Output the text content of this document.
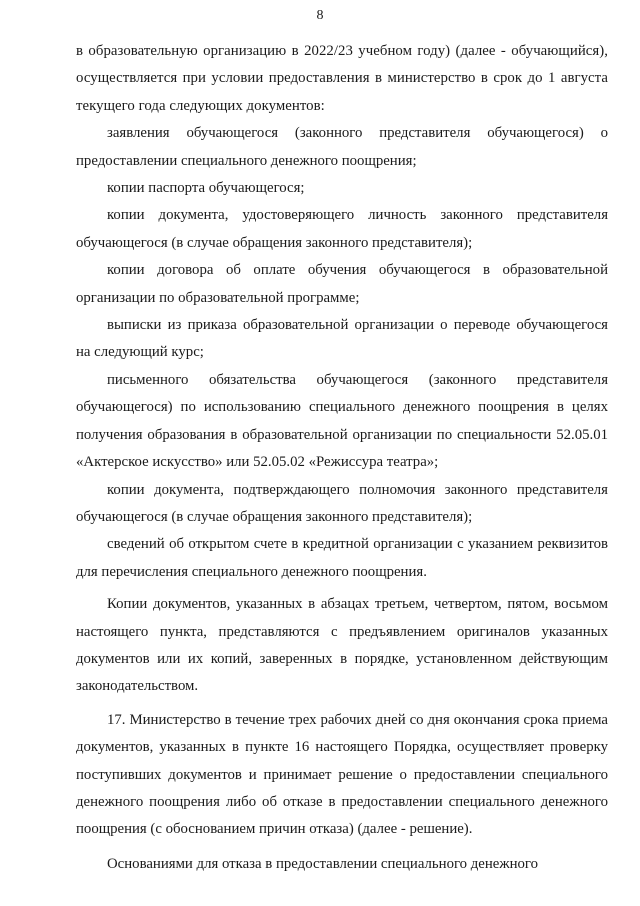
8

в образовательную организацию в 2022/23 учебном году) (далее - обучающийся), осуществляется при условии предоставления в министерство в срок до 1 августа текущего года следующих документов:

заявления обучающегося (законного представителя обучающегося) о предоставлении специального денежного поощрения;

копии паспорта обучающегося;

копии документа, удостоверяющего личность законного представителя обучающегося (в случае обращения законного представителя);

копии договора об оплате обучения обучающегося в образовательной организации по образовательной программе;

выписки из приказа образовательной организации о переводе обучающегося на следующий курс;

письменного обязательства обучающегося (законного представителя обучающегося) по использованию специального денежного поощрения в целях получения образования в образовательной организации по специальности 52.05.01 «Актерское искусство» или 52.05.02 «Режиссура театра»;

копии документа, подтверждающего полномочия законного представителя обучающегося (в случае обращения законного представителя);

сведений об открытом счете в кредитной организации с указанием реквизитов для перечисления специального денежного поощрения.

Копии документов, указанных в абзацах третьем, четвертом, пятом, восьмом настоящего пункта, представляются с предъявлением оригиналов указанных документов или их копий, заверенных в порядке, установленном действующим законодательством.

17. Министерство в течение трех рабочих дней со дня окончания срока приема документов, указанных в пункте 16 настоящего Порядка, осуществляет проверку поступивших документов и принимает решение о предоставлении специального денежного поощрения либо об отказе в предоставлении специального денежного поощрения (с обоснованием причин отказа) (далее - решение).

Основаниями для отказа в предоставлении специального денежного
